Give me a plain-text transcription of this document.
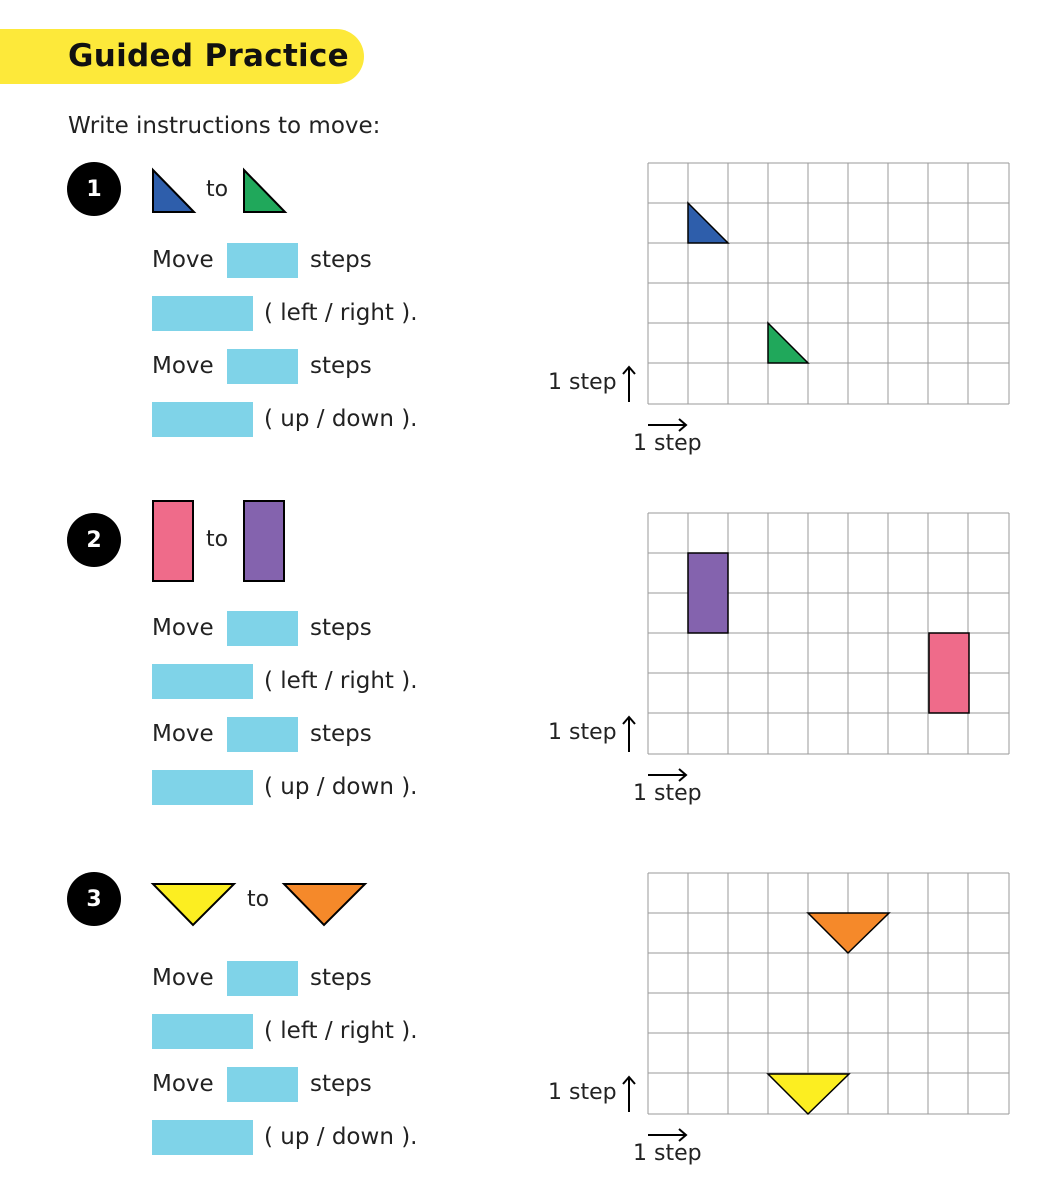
Guided Practice
Write instructions to move:
1	to
Move	steps
( left / right ).
Move	steps
( up / down ).
1 step
1 step
2	to
Move	steps
( left / right ).
Move	steps
( up / down ).
1 step
1 step
3	to
Move	steps
( left / right ).
Move	steps
( up / down ).
1 step
1 step
